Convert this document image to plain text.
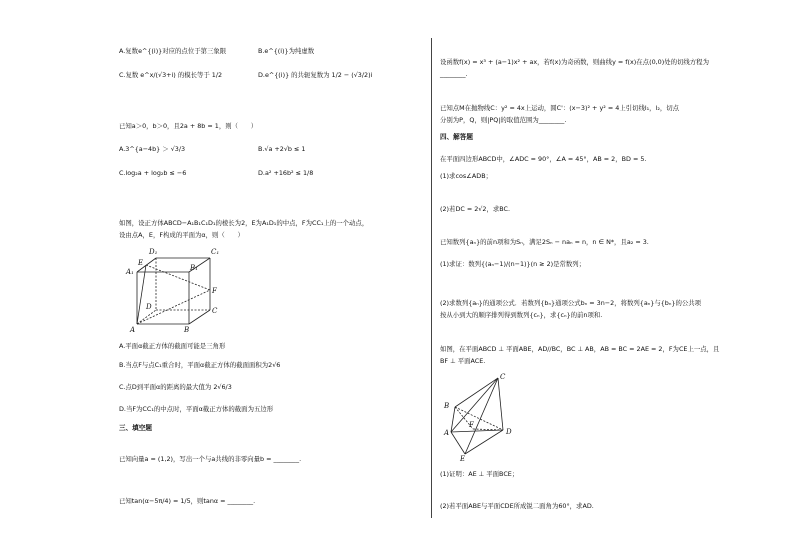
A.复数e^{(i)}对应的点位于第三象限	B.e^{(i)}为纯虚数
C.复数 e^x/(√3+i) 的模长等于 1/2	D.e^{(i)} 的共轭复数为 1/2 − (√3/2)i
已知a＞0，b＞0，且2a + 8b = 1，则（　　）
A.3^{a−4b} ＞ √3/3	B.√a +2√b ≤ 1
C.log₂a + log₂b ≤ −6	D.a² +16b² ≤ 1/8
如图，设正方体ABCD−A₁B₁C₁D₁的棱长为2，E为A₁D₁的中点，F为CC₁上的一个动点，
设由点A，E，F构成的平面为α，则（　　）
D₁	C₁
A₁	B₁
E
D	C
F
A	B
A.平面α截正方体的截面可能是三角形
B.当点F与点C₁重合时，平面α截正方体的截面面积为2√6
C.点D到平面α的距离的最大值为 2√6/3
D.当F为CC₁的中点时，平面α截正方体的截面为五边形
三、填空题
已知向量a = (1,2)，写出一个与a共线的非零向量b = ________.
已知tan(α−5π/4) = 1/5，则tanα = ________.
设函数f(x) = x³ + (a−1)x² + ax，若f(x)为奇函数，则曲线y = f(x)在点(0,0)处的切线方程为
________.
已知点M在抛物线C：y² = 4x上运动，圆C'：(x−3)² + y² = 4上引切线l₁，l₂，切点
分别为P，Q，则|PQ|的取值范围为________.
四、解答题
在平面四边形ABCD中，∠ADC = 90°，∠A = 45°，AB = 2，BD = 5.
(1)求cos∠ADB；
(2)若DC = 2√2，求BC.
已知数列{aₙ}的前n项和为Sₙ，满足2Sₙ − naₙ = n，n ∈ N*，且a₂ = 3.
(1)求证：数列{(aₙ−1)/(n−1)}(n ≥ 2)是常数列；
(2)求数列{aₙ}的通项公式．若数列{bₙ}通项公式bₙ = 3n−2，将数列{aₙ}与{bₙ}的公共项
按从小到大的顺序排列得到数列{cₙ}，求{cₙ}的前n项和.
如图，在平面ABCD ⊥ 平面ABE，AD//BC，BC ⊥ AB，AB = BC = 2AE = 2，F为CE上一点，且
BF ⊥ 平面ACE.
C
B
D
F
A
E
(1)证明：AE ⊥ 平面BCE；
(2)若平面ABE与平面CDE所成锐二面角为60°，求AD.
